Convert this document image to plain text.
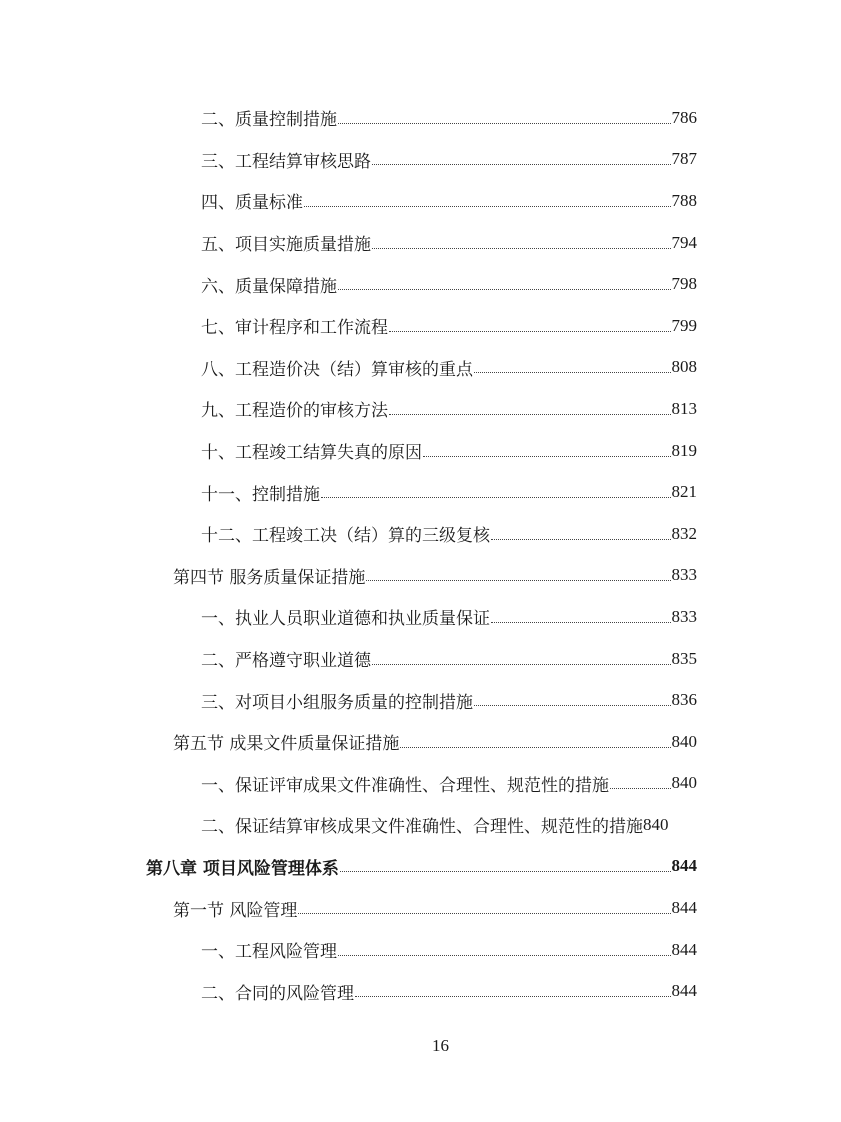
二、质量控制措施	786
三、工程结算审核思路	787
四、质量标准	788
五、项目实施质量措施	794
六、质量保障措施	798
七、审计程序和工作流程	799
八、工程造价决（结）算审核的重点	808
九、工程造价的审核方法	813
十、工程竣工结算失真的原因	819
十一、控制措施	821
十二、工程竣工决（结）算的三级复核	832
第四节 服务质量保证措施	833
一、执业人员职业道德和执业质量保证	833
二、严格遵守职业道德	835
三、对项目小组服务质量的控制措施	836
第五节 成果文件质量保证措施	840
一、保证评审成果文件准确性、合理性、规范性的措施	840
二、保证结算审核成果文件准确性、合理性、规范性的措施 840
第八章 项目风险管理体系	844
第一节 风险管理	844
一、工程风险管理	844
二、合同的风险管理	844
16
